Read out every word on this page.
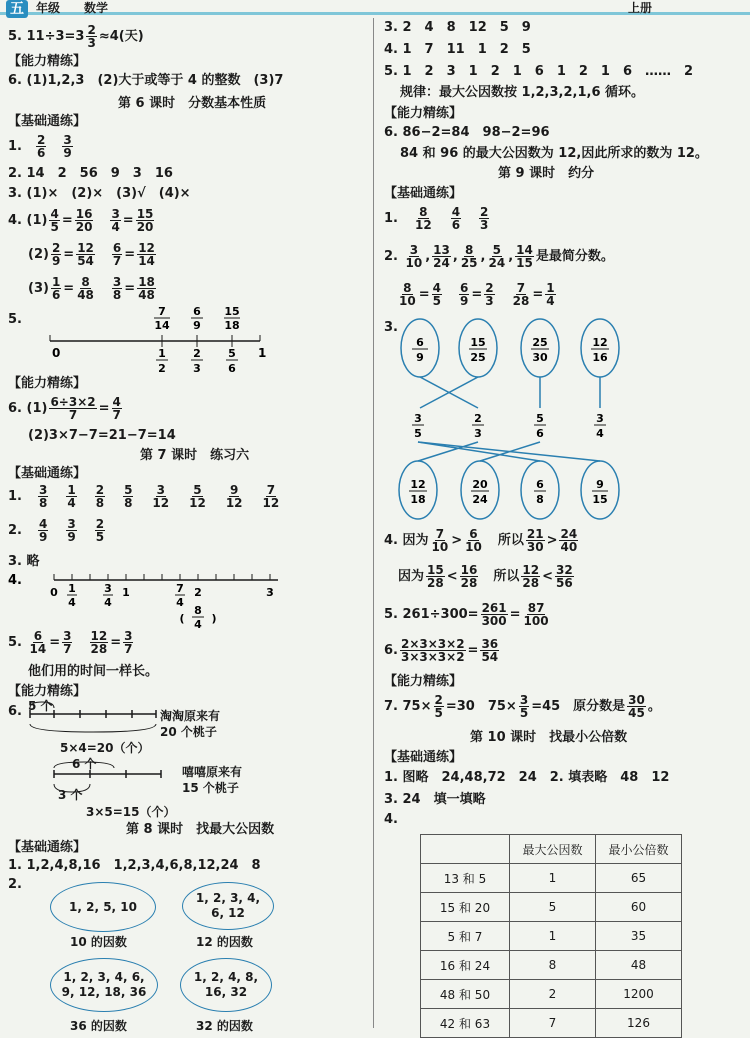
五	年级 数学	上册
5. $11\div 3=3 \frac{2}{3} \approx 4$(天)
【能力精练】
6. (1)1,2,3　(2)大于或等于 4 的整数　(3)7
第 6 课时　分数基本性质
【基础通练】
1. $\frac{2}{6} \frac{3}{9}$
2. 14　2　56　9　3　16
3. (1)×　(2)×　(3)√　(4)×
4. $(1) \frac{4}{5} = \frac{16}{20}$
　 $\frac{3}{4} = \frac{15}{20}$
$(2) \frac{2}{9} = \frac{12}{54}$
　 $\frac{6}{7} = \frac{12}{14}$
$(3) \frac{1}{6} = \frac{8}{48}$
　 $\frac{3}{8} = \frac{18}{48}$
5.
0	1
7
14
6
9
15
18
1
2
2
3
5
6
【能力精练】
6. $(1) \frac{6\div 3\times 2}{7} = \frac{4}{7}$
(2)3×7−7=21−7=14
第 7 课时　练习六
【基础通练】
1. $\frac{3}{8} \frac{1}{4} \frac{2}{8} \frac{5}{8} \frac{3}{12} \frac{5}{12} \frac{9}{12} \frac{7}{12}$
2. $\frac{4}{9} \frac{3}{9} \frac{2}{5}$
3. 略
4.
0 1
4
3
4
1	7
4
2	3
8
4
( )
5. $\frac{6}{14} = \frac{3}{7}$
　 $\frac{12}{28} = \frac{3}{7}$
他们用的时间一样长。
【能力精练】
6. 5 个
淘淘原来有
20 个桃子
5×4=20（个）
6 个
3 个
嘻嘻原来有
15 个桃子
3×5=15（个）
第 8 课时　找最大公因数
【基础通练】
1. 1,2,4,8,16　1,2,3,4,6,8,12,24　8
2.
1, 2, 5, 10
10 的因数
1, 2, 3, 4, 6, 12
12 的因数
1, 2, 3, 4, 6, 9, 12, 18, 36
36 的因数
1, 2, 4, 8, 16, 32
32 的因数
3. 2　4　8　12　5　9
4. 1　7　11　1　2　5
5. 1　2　3　1　2　1　6　1　2　1　6　……　2
规律：最大公因数按 1,2,3,2,1,6 循环。
【能力精练】
6. 86−2=84　98−2=96
84 和 96 的最大公因数为 12,因此所求的数为 12。
第 9 课时　约分
【基础通练】
1. $\frac{8}{12} \frac{4}{6} \frac{2}{3}$
2. $\frac{3}{10}$ , $\frac{13}{24}$ , $\frac{8}{25}$ , $\frac{5}{24}$ , $\frac{14}{15}$ 是最简分数。
$\frac{8}{10} = \frac{4}{5}$
　 $\frac{6}{9} = \frac{2}{3}$
　 $\frac{7}{28} = \frac{1}{4}$
3.
6
9
15
25
25
30
12
16
3
5
2
3
5
6
3
4
12
18
20
24
6
8
9
15
4. 因为 $\frac{7}{10} > \frac{6}{10}$
　 所以 $\frac{21}{30} > \frac{24}{40}$
因为 $\frac{15}{28} < \frac{16}{28}$
　 所以 $\frac{12}{28} < \frac{32}{56}$
5. $261\div 300= \frac{261}{300} = \frac{87}{100}$
6. $\frac{2\times 3\times 3\times 2}{3\times 3\times 3\times 2} = \frac{36}{54}$
【能力精练】
7. $75\times \frac{2}{5} =30$　$75\times \frac{3}{5} =45$　原分数是 $\frac{30}{45}$ 。
第 10 课时　找最小公倍数
【基础通练】
1. 图略　24,48,72　24　2. 填表略　48　12
3. 24　填一填略
4.
	最大公因数	最小公倍数
13 和 5	1	65
15 和 20	5	60
5 和 7	1	35
16 和 24	8	48
48 和 50	2	1200
42 和 63	7	126
